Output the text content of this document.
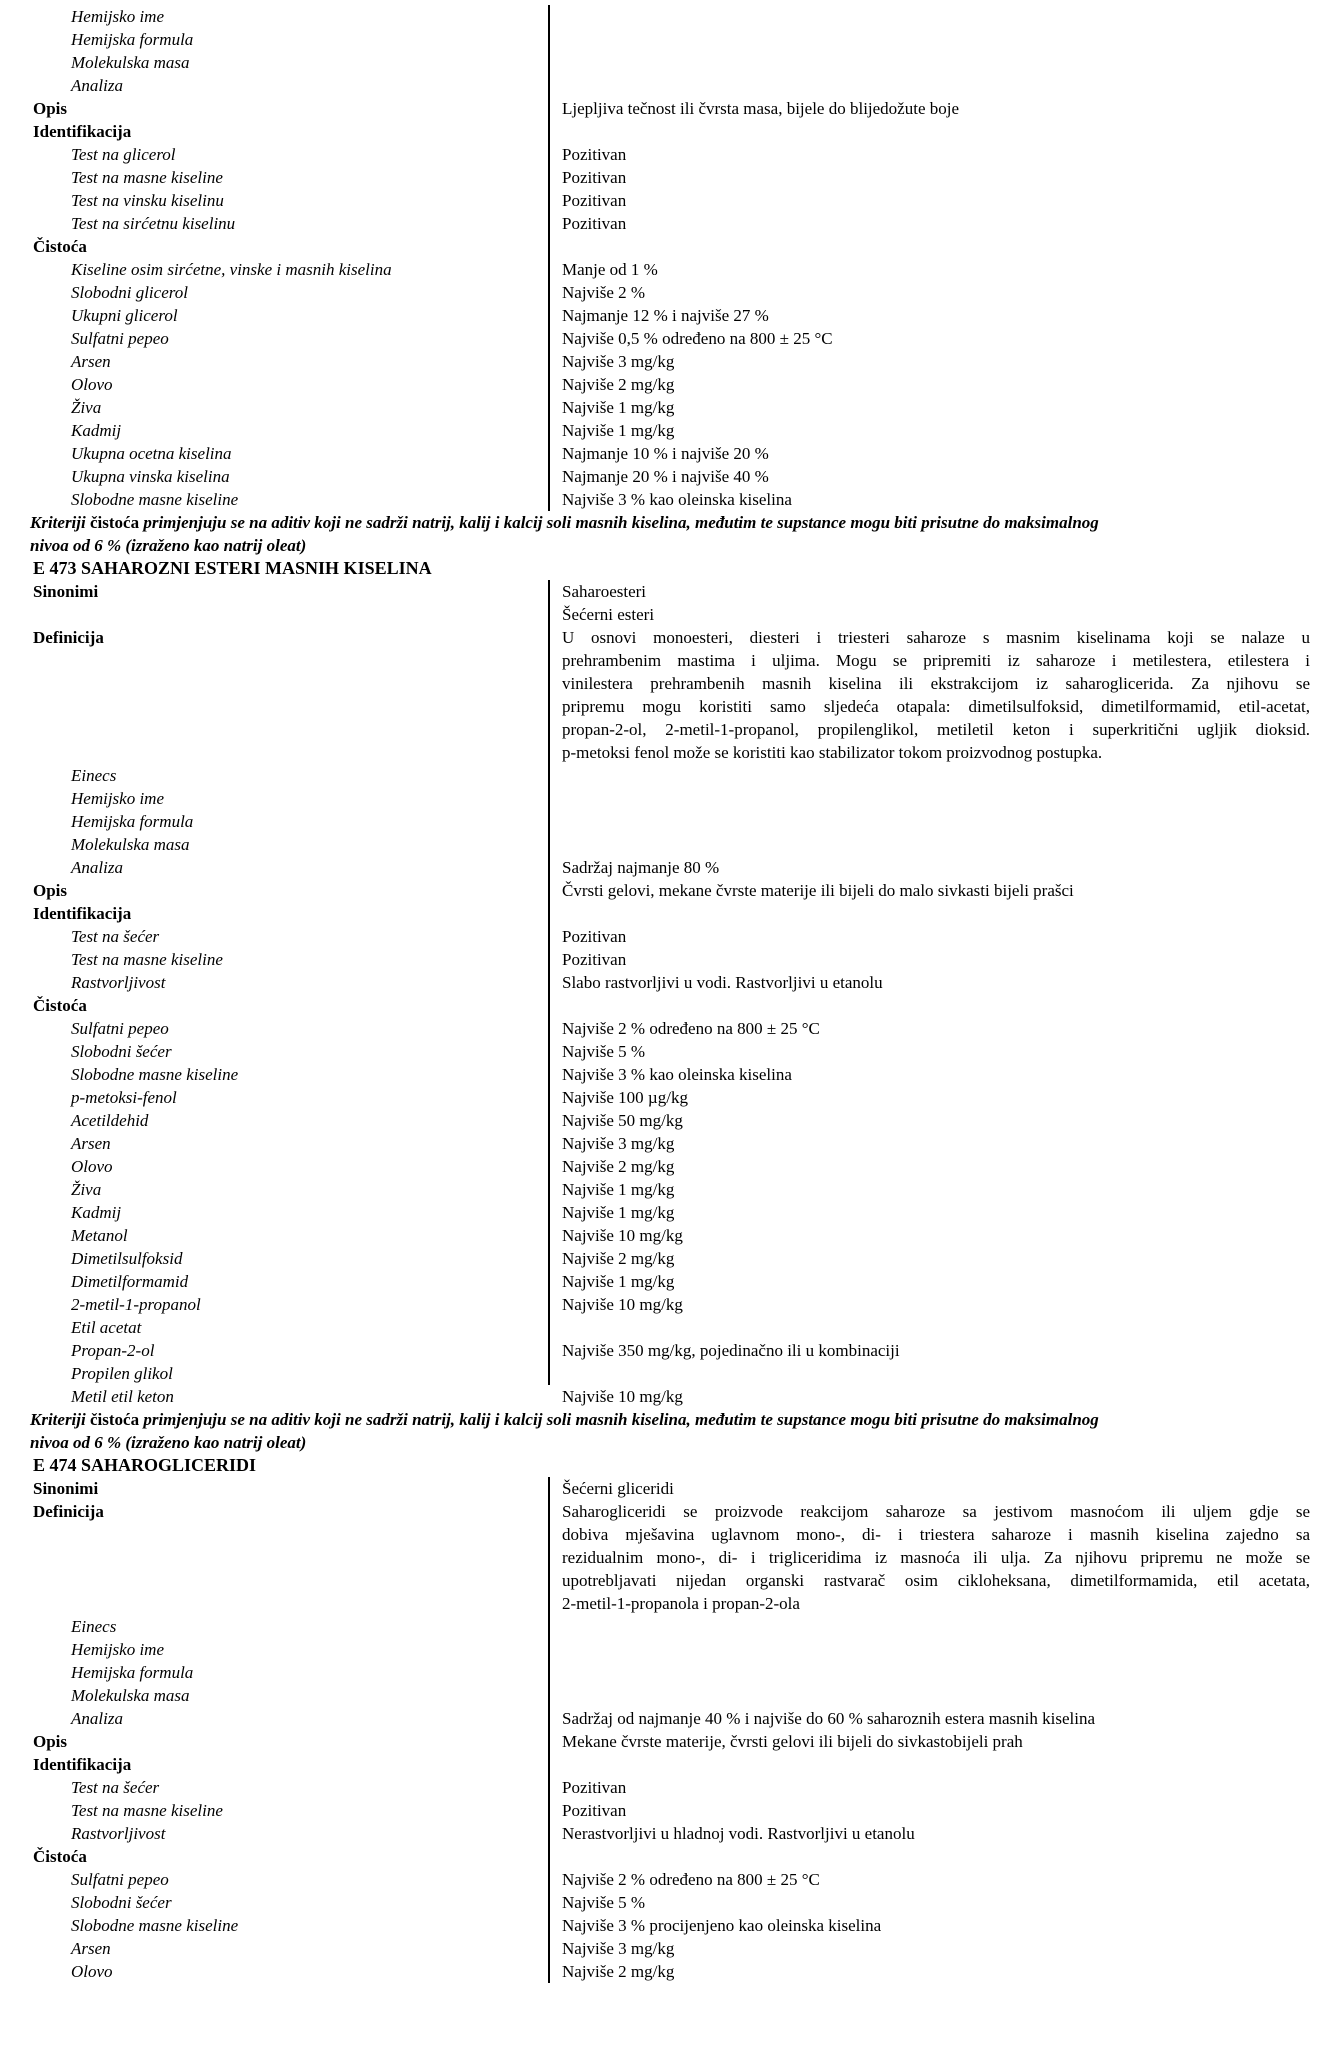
Hemijsko ime
Hemijska formula
Molekulska masa
Analiza
Opis	Ljepljiva tečnost ili čvrsta masa, bijele do blijedožute boje
Identifikacija
Test na glicerol	Pozitivan
Test na masne kiseline	Pozitivan
Test na vinsku kiselinu	Pozitivan
Test na sirćetnu kiselinu	Pozitivan
Čistoća
Kiseline osim sirćetne, vinske i masnih kiselina	Manje od 1 %
Slobodni glicerol	Najviše 2 %
Ukupni glicerol	Najmanje 12 % i najviše 27 %
Sulfatni pepeo	Najviše 0,5 % određeno na 800 ± 25 °C
Arsen	Najviše 3 mg/kg
Olovo	Najviše 2 mg/kg
Živa	Najviše 1 mg/kg
Kadmij	Najviše 1 mg/kg
Ukupna ocetna kiselina	Najmanje 10 % i najviše 20 %
Ukupna vinska kiselina	Najmanje 20 % i najviše 40 %
Slobodne masne kiseline	Najviše 3 % kao oleinska kiselina
Kriteriji čistoća primjenjuju se na aditiv koji ne sadrži natrij, kalij i kalcij soli masnih kiselina, međutim te supstance mogu biti prisutne do maksimalnog
nivoa od 6 % (izraženo kao natrij oleat)
E 473 SAHAROZNI ESTERI MASNIH KISELINA
Sinonimi	Saharoesteri
Šećerni esteri
Definicija	U osnovi monoesteri, diesteri i triesteri saharoze s masnim kiselinama koji se nalaze u
prehrambenim mastima i uljima. Mogu se pripremiti iz saharoze i metilestera, etilestera i
vinilestera prehrambenih masnih kiselina ili ekstrakcijom iz saharoglicerida. Za njihovu se
pripremu mogu koristiti samo sljedeća otapala: dimetilsulfoksid, dimetilformamid, etil-acetat,
propan-2-ol, 2-metil-1-propanol, propilenglikol, metiletil keton i superkritični ugljik dioksid.
p-metoksi fenol može se koristiti kao stabilizator tokom proizvodnog postupka.
Einecs
Hemijsko ime
Hemijska formula
Molekulska masa
Analiza	Sadržaj najmanje 80 %
Opis	Čvrsti gelovi, mekane čvrste materije ili bijeli do malo sivkasti bijeli prašci
Identifikacija
Test na šećer	Pozitivan
Test na masne kiseline	Pozitivan
Rastvorljivost	Slabo rastvorljivi u vodi. Rastvorljivi u etanolu
Čistoća
Sulfatni pepeo	Najviše 2 % određeno na 800 ± 25 °C
Slobodni šećer	Najviše 5 %
Slobodne masne kiseline	Najviše 3 % kao oleinska kiselina
p-metoksi-fenol	Najviše 100 µg/kg
Acetildehid	Najviše 50 mg/kg
Arsen	Najviše 3 mg/kg
Olovo	Najviše 2 mg/kg
Živa	Najviše 1 mg/kg
Kadmij	Najviše 1 mg/kg
Metanol	Najviše 10 mg/kg
Dimetilsulfoksid	Najviše 2 mg/kg
Dimetilformamid	Najviše 1 mg/kg
2-metil-1-propanol	Najviše 10 mg/kg
Etil acetat
Propan-2-ol	Najviše 350 mg/kg, pojedinačno ili u kombinaciji
Propilen glikol
Metil etil keton	Najviše 10 mg/kg
Kriteriji čistoća primjenjuju se na aditiv koji ne sadrži natrij, kalij i kalcij soli masnih kiselina, međutim te supstance mogu biti prisutne do maksimalnog
nivoa od 6 % (izraženo kao natrij oleat)
E 474 SAHAROGLICERIDI
Sinonimi	Šećerni gliceridi
Definicija	Saharogliceridi se proizvode reakcijom saharoze sa jestivom masnoćom ili uljem gdje se
dobiva mješavina uglavnom mono-, di- i triestera saharoze i masnih kiselina zajedno sa
rezidualnim mono-, di- i trigliceridima iz masnoća ili ulja. Za njihovu pripremu ne može se
upotrebljavati nijedan organski rastvarač osim cikloheksana, dimetilformamida, etil acetata,
2-metil-1-propanola i propan-2-ola
Einecs
Hemijsko ime
Hemijska formula
Molekulska masa
Analiza	Sadržaj od najmanje 40 % i najviše do 60 % saharoznih estera masnih kiselina
Opis	Mekane čvrste materije, čvrsti gelovi ili bijeli do sivkastobijeli prah
Identifikacija
Test na šećer	Pozitivan
Test na masne kiseline	Pozitivan
Rastvorljivost	Nerastvorljivi u hladnoj vodi. Rastvorljivi u etanolu
Čistoća
Sulfatni pepeo	Najviše 2 % određeno na 800 ± 25 °C
Slobodni šećer	Najviše 5 %
Slobodne masne kiseline	Najviše 3 % procijenjeno kao oleinska kiselina
Arsen	Najviše 3 mg/kg
Olovo	Najviše 2 mg/kg
